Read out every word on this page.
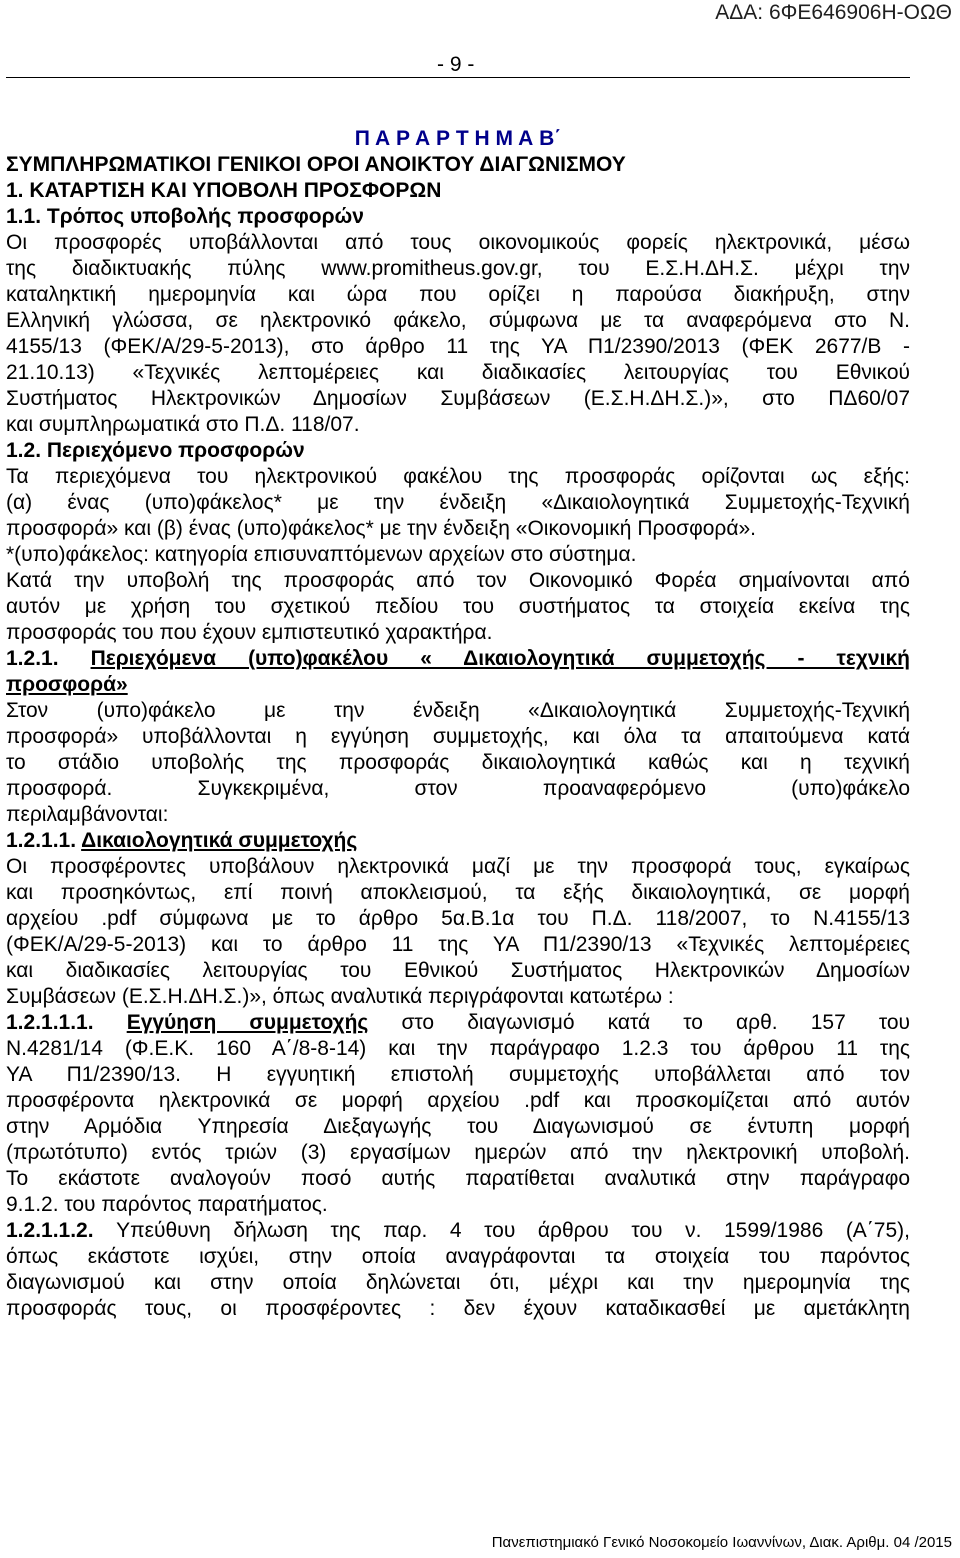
ΑΔΑ: 6ΦΕ646906Η-ΟΩΘ
- 9 -
Π Α Ρ Α Ρ Τ Η Μ Α Β΄
ΣΥΜΠΛΗΡΩΜΑΤΙΚΟΙ ΓΕΝΙΚΟΙ ΟΡΟΙ ΑΝΟΙΚΤΟΥ ΔΙΑΓΩΝΙΣΜΟΥ
1. ΚΑΤΑΡΤΙΣΗ ΚΑΙ ΥΠΟΒΟΛΗ ΠΡΟΣΦΟΡΩΝ
1.1. Τρόπος υποβολής προσφορών
Οι προσφορές υποβάλλονται από τους οικονομικούς φορείς ηλεκτρονικά, μέσω
της διαδικτυακής πύλης www.promitheus.gov.gr, του Ε.Σ.Η.ΔΗ.Σ. μέχρι την
καταληκτική ημερομηνία και ώρα που ορίζει η παρούσα διακήρυξη, στην
Ελληνική γλώσσα, σε ηλεκτρονικό φάκελο, σύμφωνα με τα αναφερόμενα στο Ν.
4155/13 (ΦΕΚ/Α/29-5-2013), στο άρθρο 11 της ΥΑ Π1/2390/2013 (ΦΕΚ 2677/Β -
21.10.13) «Τεχνικές λεπτομέρειες και διαδικασίες λειτουργίας του Εθνικού
Συστήματος Ηλεκτρονικών Δημοσίων Συμβάσεων (Ε.Σ.Η.ΔΗ.Σ.)», στο ΠΔ60/07
και συμπληρωματικά στο Π.Δ. 118/07.
1.2. Περιεχόμενο προσφορών
Τα περιεχόμενα του ηλεκτρονικού φακέλου της προσφοράς ορίζονται ως εξής:
(α) ένας (υπο)φάκελος* με την ένδειξη «Δικαιολογητικά Συμμετοχής-Τεχνική
προσφορά» και (β) ένας (υπο)φάκελος* με την ένδειξη «Οικονομική Προσφορά».
*(υπο)φάκελος: κατηγορία επισυναπτόμενων αρχείων στο σύστημα.
Κατά την υποβολή της προσφοράς από τον Οικονομικό Φορέα σημαίνονται από
αυτόν με χρήση του σχετικού πεδίου του συστήματος τα στοιχεία εκείνα της
προσφοράς του που έχουν εμπιστευτικό χαρακτήρα.
1.2.1. Περιεχόμενα (υπο)φακέλου « Δικαιολογητικά συμμετοχής - τεχνική
προσφορά»
Στον (υπο)φάκελο με την ένδειξη «Δικαιολογητικά Συμμετοχής-Τεχνική
προσφορά» υποβάλλονται η εγγύηση συμμετοχής, και όλα τα απαιτούμενα κατά
το στάδιο υποβολής της προσφοράς δικαιολογητικά καθώς και η τεχνική
προσφορά. Συγκεκριμένα, στον προαναφερόμενο (υπο)φάκελο
περιλαμβάνονται:
1.2.1.1. Δικαιολογητικά συμμετοχής
Οι προσφέροντες υποβάλουν ηλεκτρονικά μαζί με την προσφορά τους, εγκαίρως
και προσηκόντως, επί ποινή αποκλεισμού, τα εξής δικαιολογητικά, σε μορφή
αρχείου .pdf σύμφωνα με το άρθρο 5α.Β.1α του Π.Δ. 118/2007, το Ν.4155/13
(ΦΕΚ/Α/29-5-2013) και το άρθρο 11 της ΥΑ Π1/2390/13 «Τεχνικές λεπτομέρειες
και διαδικασίες λειτουργίας του Εθνικού Συστήματος Ηλεκτρονικών Δημοσίων
Συμβάσεων (Ε.Σ.Η.ΔΗ.Σ.)», όπως αναλυτικά περιγράφονται κατωτέρω :
1.2.1.1.1. Εγγύηση συμμετοχής στο διαγωνισμό κατά το αρθ. 157 του
Ν.4281/14 (Φ.Ε.Κ. 160 Α΄/8-8-14) και την παράγραφο 1.2.3 του άρθρου 11 της
ΥΑ Π1/2390/13. Η εγγυητική επιστολή συμμετοχής υποβάλλεται από τον
προσφέροντα ηλεκτρονικά σε μορφή αρχείου .pdf και προσκομίζεται από αυτόν
στην Αρμόδια Υπηρεσία Διεξαγωγής του Διαγωνισμού σε έντυπη μορφή
(πρωτότυπο) εντός τριών (3) εργασίμων ημερών από την ηλεκτρονική υποβολή.
Το εκάστοτε αναλογούν ποσό αυτής παρατίθεται αναλυτικά στην παράγραφο
9.1.2. του παρόντος παρατήματος.
1.2.1.1.2. Υπεύθυνη δήλωση της παρ. 4 του άρθρου του ν. 1599/1986 (Α΄75),
όπως εκάστοτε ισχύει, στην οποία αναγράφονται τα στοιχεία του παρόντος
διαγωνισμού και στην οποία δηλώνεται ότι, μέχρι και την ημερομηνία της
προσφοράς τους, οι προσφέροντες : δεν έχουν καταδικασθεί με αμετάκλητη
Πανεπιστημιακό Γενικό Νοσοκομείο Ιωαννίνων, Διακ. Αριθμ. 04 /2015
